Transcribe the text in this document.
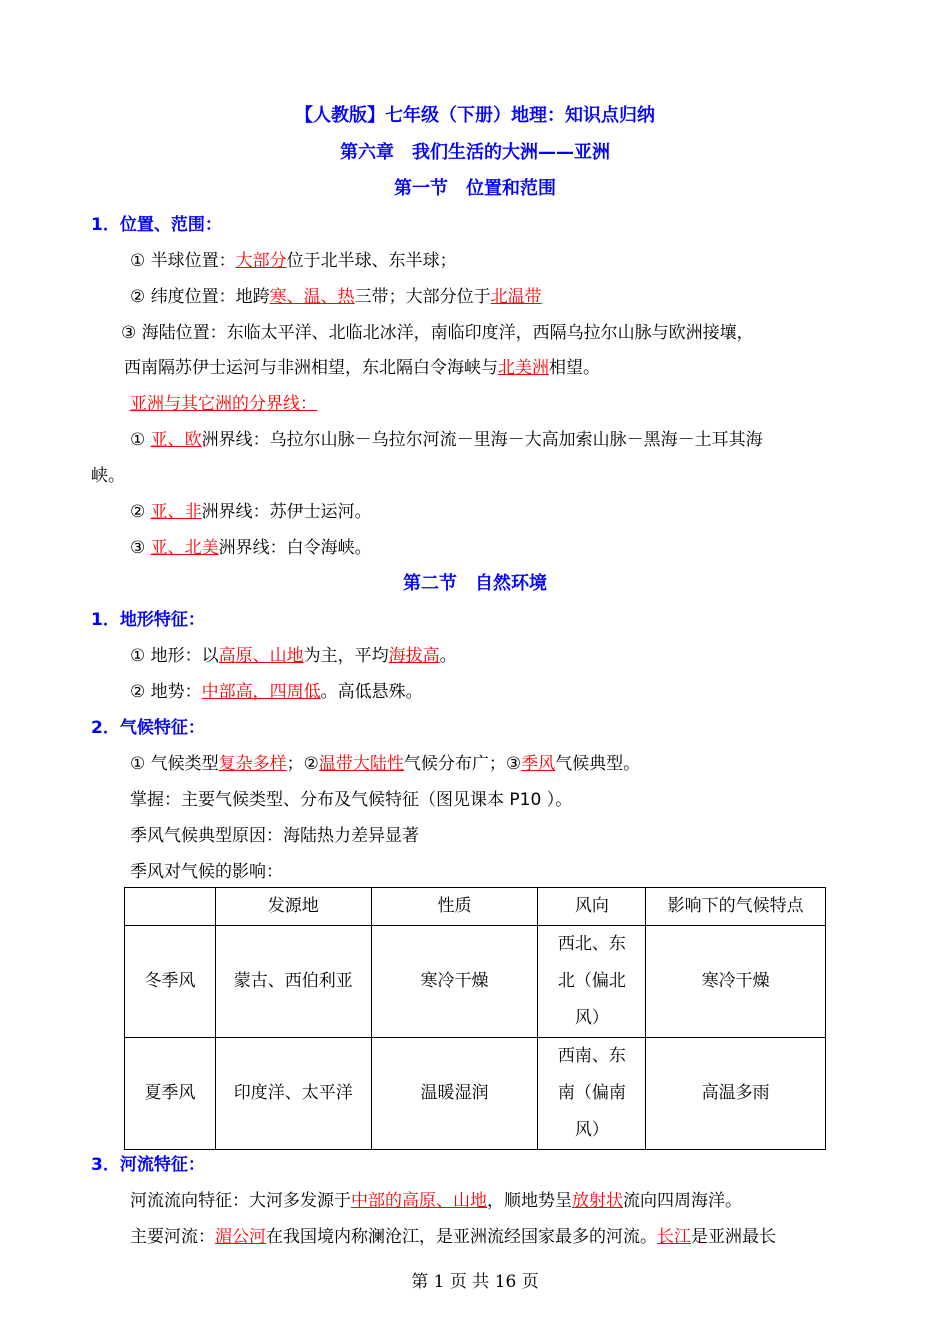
【人教版】七年级（下册）地理：知识点归纳
第六章　我们生活的大洲——亚洲
第一节　位置和范围
1．位置、范围：
① 半球位置：大部分位于北半球、东半球；
② 纬度位置：地跨寒、温、热三带；大部分位于北温带
③ 海陆位置：东临太平洋、北临北冰洋，南临印度洋，西隔乌拉尔山脉与欧洲接壤，
西南隔苏伊士运河与非洲相望，东北隔白令海峡与北美洲相望。
亚洲与其它洲的分界线：
① 亚、欧洲界线：乌拉尔山脉－乌拉尔河流－里海－大高加索山脉－黑海－土耳其海
峡。
② 亚、非洲界线：苏伊士运河。
③ 亚、北美洲界线：白令海峡。
第二节　自然环境
1．地形特征：
① 地形：以高原、山地为主，平均海拔高。
② 地势：中部高，四周低。高低悬殊。
2．气候特征：
① 气候类型复杂多样；②温带大陆性气候分布广；③季风气候典型。
掌握：主要气候类型、分布及气候特征（图见课本 P10 ）。
季风气候典型原因：海陆热力差异显著
季风对气候的影响：
	发源地	性质	风向	影响下的气候特点
冬季风	蒙古、西伯利亚	寒冷干燥	西北、东
北（偏北
风）	寒冷干燥
夏季风	印度洋、太平洋	温暖湿润	西南、东
南（偏南
风）	高温多雨
3．河流特征：
河流流向特征：大河多发源于中部的高原、山地，顺地势呈放射状流向四周海洋。
主要河流：湄公河在我国境内称澜沧江，是亚洲流经国家最多的河流。长江是亚洲最长
第 1 页 共 16 页
